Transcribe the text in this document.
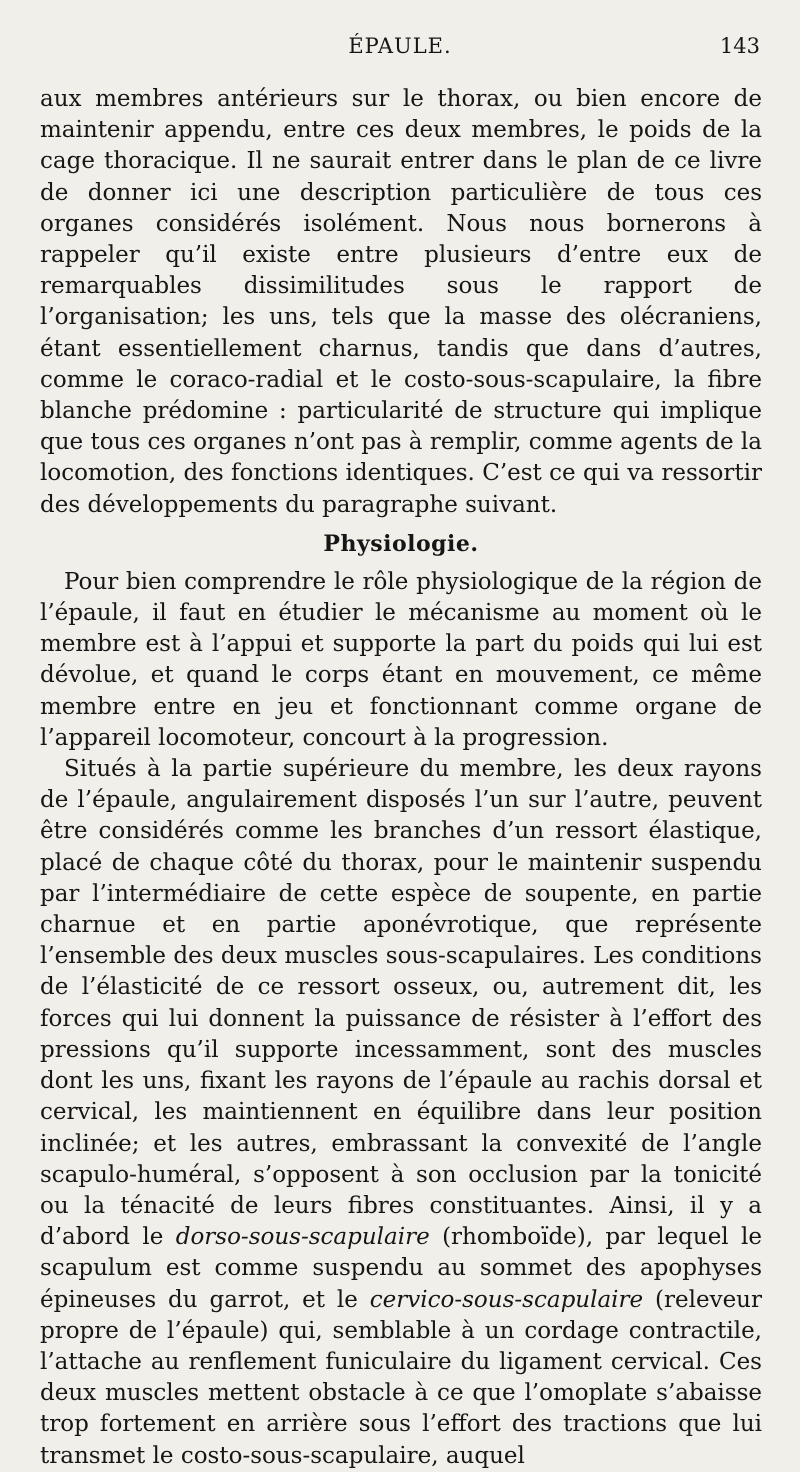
ÉPAULE.	143

aux membres antérieurs sur le thorax, ou bien encore de maintenir appendu, entre ces deux membres, le poids de la cage thoracique. Il ne saurait entrer dans le plan de ce livre de donner ici une description particulière de tous ces organes considérés isolément. Nous nous bornerons à rappeler qu’il existe entre plusieurs d’entre eux de remarquables dissimilitudes sous le rapport de l’organisation; les uns, tels que la masse des olécraniens, étant essentiellement charnus, tandis que dans d’autres, comme le coraco-radial et le costo-sous-scapulaire, la fibre blanche prédomine : particularité de structure qui implique que tous ces organes n’ont pas à remplir, comme agents de la locomotion, des fonctions identiques. C’est ce qui va ressortir des développements du paragraphe suivant.

Physiologie.

Pour bien comprendre le rôle physiologique de la région de l’épaule, il faut en étudier le mécanisme au moment où le membre est à l’appui et supporte la part du poids qui lui est dévolue, et quand le corps étant en mouvement, ce même membre entre en jeu et fonctionnant comme organe de l’appareil locomoteur, concourt à la progression.

Situés à la partie supérieure du membre, les deux rayons de l’épaule, angulairement disposés l’un sur l’autre, peuvent être considérés comme les branches d’un ressort élastique, placé de chaque côté du thorax, pour le maintenir suspendu par l’intermédiaire de cette espèce de soupente, en partie charnue et en partie aponévrotique, que représente l’ensemble des deux muscles sous-scapulaires. Les conditions de l’élasticité de ce ressort osseux, ou, autrement dit, les forces qui lui donnent la puissance de résister à l’effort des pressions qu’il supporte incessamment, sont des muscles dont les uns, fixant les rayons de l’épaule au rachis dorsal et cervical, les maintiennent en équilibre dans leur position inclinée; et les autres, embrassant la convexité de l’angle scapulo-huméral, s’opposent à son occlusion par la tonicité ou la ténacité de leurs fibres constituantes. Ainsi, il y a d’abord le dorso-sous-scapulaire (rhomboïde), par lequel le scapulum est comme suspendu au sommet des apophyses épineuses du garrot, et le cervico-sous-scapulaire (releveur propre de l’épaule) qui, semblable à un cordage contractile, l’attache au renflement funiculaire du ligament cervical. Ces deux muscles mettent obstacle à ce que l’omoplate s’abaisse trop fortement en arrière sous l’effort des tractions que lui transmet le costo-sous-scapulaire, auquel
